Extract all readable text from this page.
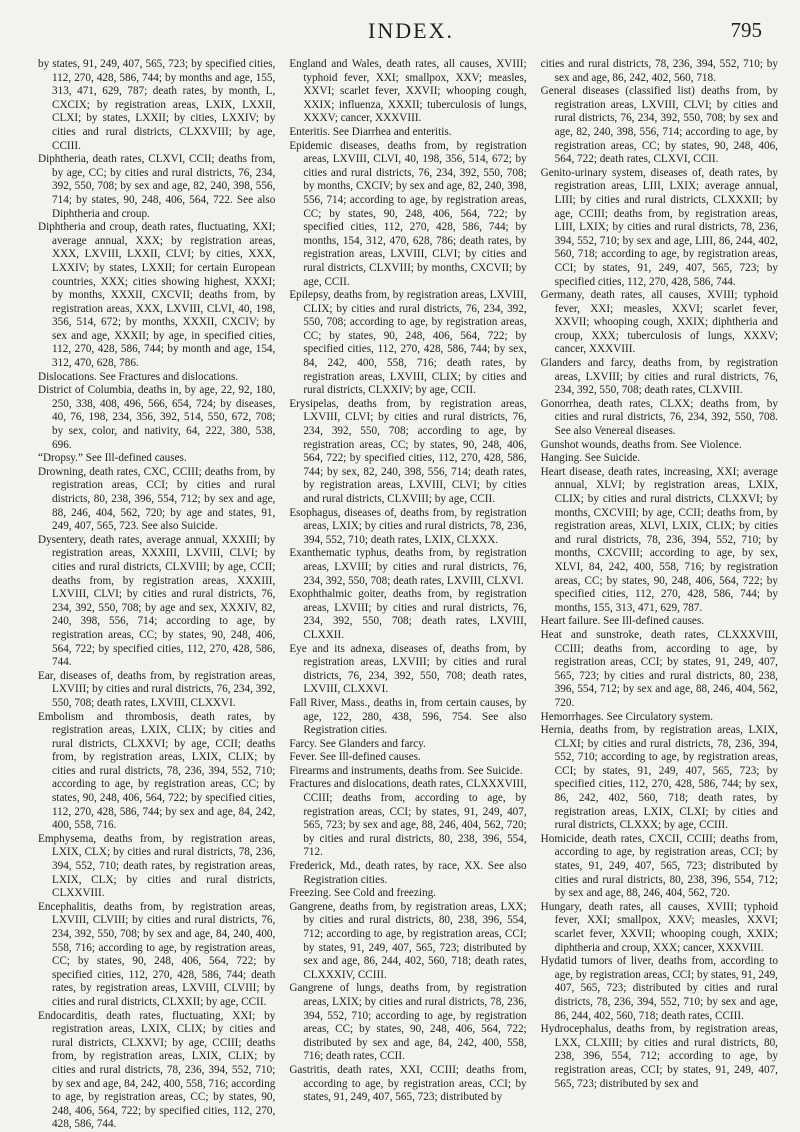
INDEX.	795
by states, 91, 249, 407, 565, 723; by specified cities, 112, 270, 428, 586, 744; by months and age, 155, 313, 471, 629, 787; death rates, by month, L, CXCIX; by registration areas, LXIX, LXXII, CLXI; by states, LXXII; by cities, LXXIV; by cities and rural districts, CLXXVIII; by age, CCIII.
Diphtheria, death rates, CLXVI, CCII; deaths from, by age, CC; by cities and rural districts, 76, 234, 392, 550, 708; by sex and age, 82, 240, 398, 556, 714; by states, 90, 248, 406, 564, 722. See also Diphtheria and croup.
Diphtheria and croup, death rates, fluctuating, XXI; average annual, XXX; by registration areas, XXX, LXVIII, LXXII, CLVI; by cities, XXX, LXXIV; by states, LXXII; for certain European countries, XXX; cities showing highest, XXXI; by months, XXXII, CXCVII; deaths from, by registration areas, XXX, LXVIII, CLVI, 40, 198, 356, 514, 672; by months, XXXII, CXCIV; by sex and age, XXXII; by age, in specified cities, 112, 270, 428, 586, 744; by month and age, 154, 312, 470, 628, 786.
Dislocations. See Fractures and dislocations.
District of Columbia, deaths in, by age, 22, 92, 180, 250, 338, 408, 496, 566, 654, 724; by diseases, 40, 76, 198, 234, 356, 392, 514, 550, 672, 708; by sex, color, and nativity, 64, 222, 380, 538, 696.
“Dropsy.” See Ill-defined causes.
Drowning, death rates, CXC, CCIII; deaths from, by registration areas, CCI; by cities and rural districts, 80, 238, 396, 554, 712; by sex and age, 88, 246, 404, 562, 720; by age and states, 91, 249, 407, 565, 723. See also Suicide.
Dysentery, death rates, average annual, XXXIII; by registration areas, XXXIII, LXVIII, CLVI; by cities and rural districts, CLXVIII; by age, CCII; deaths from, by registration areas, XXXIII, LXVIII, CLVI; by cities and rural districts, 76, 234, 392, 550, 708; by age and sex, XXXIV, 82, 240, 398, 556, 714; according to age, by registration areas, CC; by states, 90, 248, 406, 564, 722; by specified cities, 112, 270, 428, 586, 744.
Ear, diseases of, deaths from, by registration areas, LXVIII; by cities and rural districts, 76, 234, 392, 550, 708; death rates, LXVIII, CLXXVI.
Embolism and thrombosis, death rates, by registration areas, LXIX, CLIX; by cities and rural districts, CLXXVI; by age, CCII; deaths from, by registration areas, LXIX, CLIX; by cities and rural districts, 78, 236, 394, 552, 710; according to age, by registration areas, CC; by states, 90, 248, 406, 564, 722; by specified cities, 112, 270, 428, 586, 744; by sex and age, 84, 242, 400, 558, 716.
Emphysema, deaths from, by registration areas, LXIX, CLX; by cities and rural districts, 78, 236, 394, 552, 710; death rates, by registration areas, LXIX, CLX; by cities and rural districts, CLXXVIII.
Encephalitis, deaths from, by registration areas, LXVIII, CLVIII; by cities and rural districts, 76, 234, 392, 550, 708; by sex and age, 84, 240, 400, 558, 716; according to age, by registration areas, CC; by states, 90, 248, 406, 564, 722; by specified cities, 112, 270, 428, 586, 744; death rates, by registration areas, LXVIII, CLVIII; by cities and rural districts, CLXXII; by age, CCII.
Endocarditis, death rates, fluctuating, XXI; by registration areas, LXIX, CLIX; by cities and rural districts, CLXXVI; by age, CCIII; deaths from, by registration areas, LXIX, CLIX; by cities and rural districts, 78, 236, 394, 552, 710; by sex and age, 84, 242, 400, 558, 716; according to age, by registration areas, CC; by states, 90, 248, 406, 564, 722; by specified cities, 112, 270, 428, 586, 744.
England and Wales, death rates, all causes, XVIII; typhoid fever, XXI; smallpox, XXV; measles, XXVI; scarlet fever, XXVII; whooping cough, XXIX; influenza, XXXII; tuberculosis of lungs, XXXV; cancer, XXXVIII.
Enteritis. See Diarrhea and enteritis.
Epidemic diseases, deaths from, by registration areas, LXVIII, CLVI, 40, 198, 356, 514, 672; by cities and rural districts, 76, 234, 392, 550, 708; by months, CXCIV; by sex and age, 82, 240, 398, 556, 714; according to age, by registration areas, CC; by states, 90, 248, 406, 564, 722; by specified cities, 112, 270, 428, 586, 744; by months, 154, 312, 470, 628, 786; death rates, by registration areas, LXVIII, CLVI; by cities and rural districts, CLXVIII; by months, CXCVII; by age, CCII.
Epilepsy, deaths from, by registration areas, LXVIII, CLIX; by cities and rural districts, 76, 234, 392, 550, 708; according to age, by registration areas, CC; by states, 90, 248, 406, 564, 722; by specified cities, 112, 270, 428, 586, 744; by sex, 84, 242, 400, 558, 716; death rates, by registration areas, LXVIII, CLIX; by cities and rural districts, CLXXIV; by age, CCII.
Erysipelas, deaths from, by registration areas, LXVIII, CLVI; by cities and rural districts, 76, 234, 392, 550, 708; according to age, by registration areas, CC; by states, 90, 248, 406, 564, 722; by specified cities, 112, 270, 428, 586, 744; by sex, 82, 240, 398, 556, 714; death rates, by registration areas, LXVIII, CLVI; by cities and rural districts, CLXVIII; by age, CCII.
Esophagus, diseases of, deaths from, by registration areas, LXIX; by cities and rural districts, 78, 236, 394, 552, 710; death rates, LXIX, CLXXX.
Exanthematic typhus, deaths from, by registration areas, LXVIII; by cities and rural districts, 76, 234, 392, 550, 708; death rates, LXVIII, CLXVI.
Exophthalmic goiter, deaths from, by registration areas, LXVIII; by cities and rural districts, 76, 234, 392, 550, 708; death rates, LXVIII, CLXXII.
Eye and its adnexa, diseases of, deaths from, by registration areas, LXVIII; by cities and rural districts, 76, 234, 392, 550, 708; death rates, LXVIII, CLXXVI.
Fall River, Mass., deaths in, from certain causes, by age, 122, 280, 438, 596, 754. See also Registration cities.
Farcy. See Glanders and farcy.
Fever. See Ill-defined causes.
Firearms and instruments, deaths from. See Suicide.
Fractures and dislocations, death rates, CLXXXVIII, CCIII; deaths from, according to age, by registration areas, CCI; by states, 91, 249, 407, 565, 723; by sex and age, 88, 246, 404, 562, 720; by cities and rural districts, 80, 238, 396, 554, 712.
Frederick, Md., death rates, by race, XX. See also Registration cities.
Freezing. See Cold and freezing.
Gangrene, deaths from, by registration areas, LXX; by cities and rural districts, 80, 238, 396, 554, 712; according to age, by registration areas, CCI; by states, 91, 249, 407, 565, 723; distributed by sex and age, 86, 244, 402, 560, 718; death rates, CLXXXIV, CCIII.
Gangrene of lungs, deaths from, by registration areas, LXIX; by cities and rural districts, 78, 236, 394, 552, 710; according to age, by registration areas, CC; by states, 90, 248, 406, 564, 722; distributed by sex and age, 84, 242, 400, 558, 716; death rates, CCII.
Gastritis, death rates, XXI, CCIII; deaths from, according to age, by registration areas, CCI; by states, 91, 249, 407, 565, 723; distributed by
cities and rural districts, 78, 236, 394, 552, 710; by sex and age, 86, 242, 402, 560, 718.
General diseases (classified list) deaths from, by registration areas, LXVIII, CLVI; by cities and rural districts, 76, 234, 392, 550, 708; by sex and age, 82, 240, 398, 556, 714; according to age, by registration areas, CC; by states, 90, 248, 406, 564, 722; death rates, CLXVI, CCII.
Genito-urinary system, diseases of, death rates, by registration areas, LIII, LXIX; average annual, LIII; by cities and rural districts, CLXXXII; by age, CCIII; deaths from, by registration areas, LIII, LXIX; by cities and rural districts, 78, 236, 394, 552, 710; by sex and age, LIII, 86, 244, 402, 560, 718; according to age, by registration areas, CCI; by states, 91, 249, 407, 565, 723; by specified cities, 112, 270, 428, 586, 744.
Germany, death rates, all causes, XVIII; typhoid fever, XXI; measles, XXVI; scarlet fever, XXVII; whooping cough, XXIX; diphtheria and croup, XXX; tuberculosis of lungs, XXXV; cancer, XXXVIII.
Glanders and farcy, deaths from, by registration areas, LXVIII; by cities and rural districts, 76, 234, 392, 550, 708; death rates, CLXVIII.
Gonorrhea, death rates, CLXX; deaths from, by cities and rural districts, 76, 234, 392, 550, 708. See also Venereal diseases.
Gunshot wounds, deaths from. See Violence.
Hanging. See Suicide.
Heart disease, death rates, increasing, XXI; average annual, XLVI; by registration areas, LXIX, CLIX; by cities and rural districts, CLXXVI; by months, CXCVIII; by age, CCII; deaths from, by registration areas, XLVI, LXIX, CLIX; by cities and rural districts, 78, 236, 394, 552, 710; by months, CXCVIII; according to age, by sex, XLVI, 84, 242, 400, 558, 716; by registration areas, CC; by states, 90, 248, 406, 564, 722; by specified cities, 112, 270, 428, 586, 744; by months, 155, 313, 471, 629, 787.
Heart failure. See Ill-defined causes.
Heat and sunstroke, death rates, CLXXXVIII, CCIII; deaths from, according to age, by registration areas, CCI; by states, 91, 249, 407, 565, 723; by cities and rural districts, 80, 238, 396, 554, 712; by sex and age, 88, 246, 404, 562, 720.
Hemorrhages. See Circulatory system.
Hernia, deaths from, by registration areas, LXIX, CLXI; by cities and rural districts, 78, 236, 394, 552, 710; according to age, by registration areas, CCI; by states, 91, 249, 407, 565, 723; by specified cities, 112, 270, 428, 586, 744; by sex, 86, 242, 402, 560, 718; death rates, by registration areas, LXIX, CLXI; by cities and rural districts, CLXXX; by age, CCIII.
Homicide, death rates, CXCII, CCIII; deaths from, according to age, by registration areas, CCI; by states, 91, 249, 407, 565, 723; distributed by cities and rural districts, 80, 238, 396, 554, 712; by sex and age, 88, 246, 404, 562, 720.
Hungary, death rates, all causes, XVIII; typhoid fever, XXI; smallpox, XXV; measles, XXVI; scarlet fever, XXVII; whooping cough, XXIX; diphtheria and croup, XXX; cancer, XXXVIII.
Hydatid tumors of liver, deaths from, according to age, by registration areas, CCI; by states, 91, 249, 407, 565, 723; distributed by cities and rural districts, 78, 236, 394, 552, 710; by sex and age, 86, 244, 402, 560, 718; death rates, CCIII.
Hydrocephalus, deaths from, by registration areas, LXX, CLXIII; by cities and rural districts, 80, 238, 396, 554, 712; according to age, by registration areas, CCI; by states, 91, 249, 407, 565, 723; distributed by sex and
